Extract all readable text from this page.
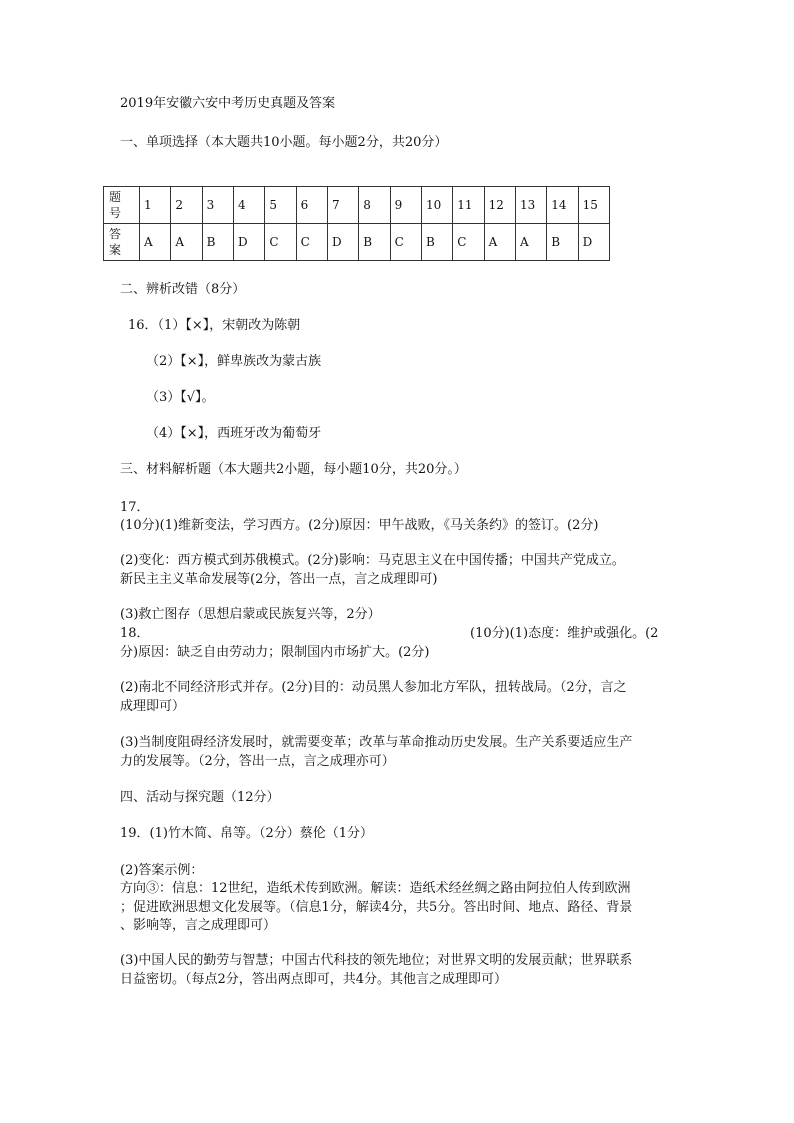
2019年安徽六安中考历史真题及答案
一、单项选择（本大题共10小题。每小题2分，共20分）
题
号	1	2	3	4	5	6	7	8	9	10	11	12	13	14	15
答
案	A	A	B	D	C	C	D	B	C	B	C	A	A	B	D
二、辨析改错（8分）
16．（1）【×】，宋朝改为陈朝
（2）【×】，鲜卑族改为蒙古族
（3）【√】。
（4）【×】，西班牙改为葡萄牙
三、材料解析题（本大题共2小题，每小题10分，共20分。）
17．
(10分)(1)维新变法，学习西方。(2分)原因：甲午战败，《马关条约》的签订。(2分)
(2)变化：西方模式到苏俄模式。(2分)影响：马克思主义在中国传播；中国共产党成立。
新民主主义革命发展等(2分，答出一点，言之成理即可)
(3)救亡图存（思想启蒙或民族复兴等，2分）
18．	(10分)(1)态度：维护或强化。(2
分)原因：缺乏自由劳动力；限制国内市场扩大。(2分)
(2)南北不同经济形式并存。(2分)目的：动员黑人参加北方军队，扭转战局。（2分，言之
成理即可）
(3)当制度阻碍经济发展时，就需要变革；改革与革命推动历史发展。生产关系要适应生产
力的发展等。（2分，答出一点，言之成理亦可）
四、活动与探究题（12分）
19．(1)竹木简、帛等。（2分）蔡伦（1分）
(2)答案示例：
方向③：信息：12世纪，造纸术传到欧洲。解读：造纸术经丝绸之路由阿拉伯人传到欧洲
；促进欧洲思想文化发展等。（信息1分，解读4分，共5分。答出时间、地点、路径、背景
、影响等，言之成理即可）
(3)中国人民的勤劳与智慧；中国古代科技的领先地位；对世界文明的发展贡献；世界联系
日益密切。（每点2分，答出两点即可，共4分。其他言之成理即可）
